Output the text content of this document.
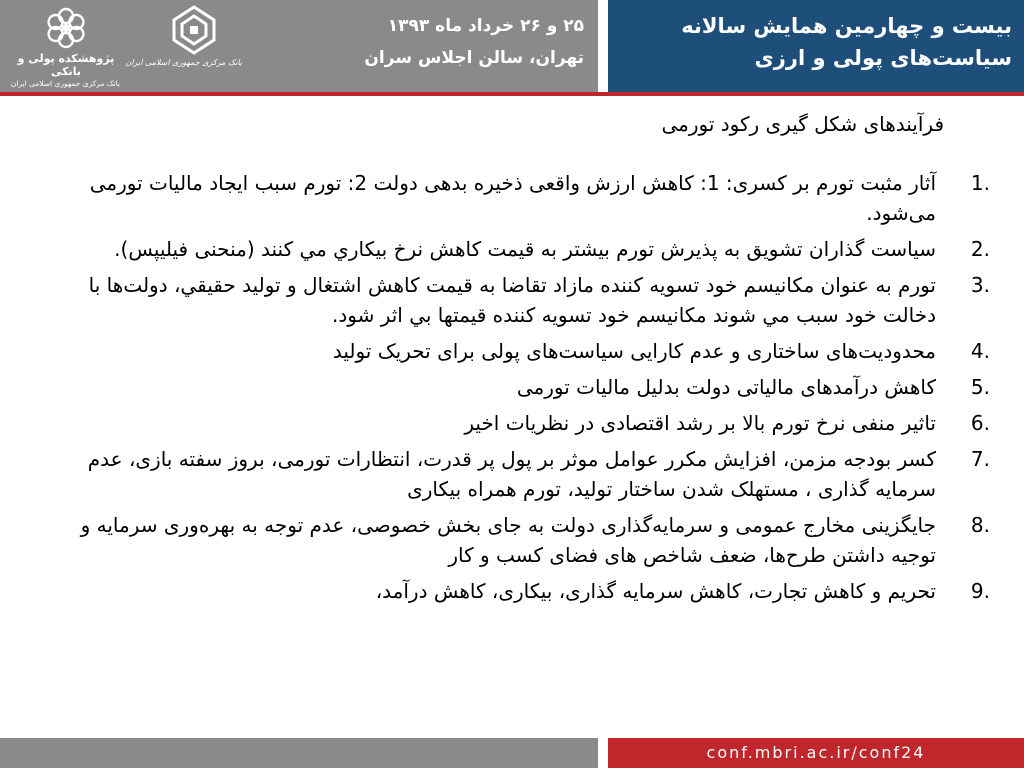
پژوهشکده پولی و بانکی
بانک مرکزی جمهوری اسلامی ایران
بانک مرکزی جمهوری اسلامی ایران
۲۵ و ۲۶ خرداد ماه ۱۳۹۳
تهران، سالن اجلاس سران
بیست و چهارمین همایش سالانه
سیاست‌های پولی و ارزی
فرآیندهای شکل گیری رکود تورمی
1.
آثار مثبت تورم بر کسری: 1: کاهش ارزش واقعی ذخیره بدهی دولت 2: تورم سبب ایجاد مالیات تورمی می‌شود.
2.
سیاست گذاران تشویق به پذیرش تورم بیشتر به قیمت کاهش نرخ بیکاري مي کنند (منحنی فیلیپس).
3.
تورم به عنوان مکانیسم خود تسویه کننده مازاد تقاضا به قیمت کاهش اشتغال و تولید حقیقي، دولت‌ها با دخالت خود سبب مي شوند مکانیسم خود تسویه کننده قیمتها بي اثر شود.
4.
محدودیت‌های ساختاری و عدم کارایی سیاست‌های پولی برای تحریک تولید
5.
کاهش درآمدهای مالیاتی دولت بدلیل مالیات تورمی
6.
تاثیر منفی نرخ تورم بالا بر رشد اقتصادی در نظریات اخیر
7.
کسر بودجه مزمن، افزایش مکرر عوامل موثر بر پول پر قدرت، انتظارات تورمی، بروز سفته بازی، عدم سرمایه گذاری ، مستهلک شدن ساختار تولید، تورم همراه بیکاری
8.
جایگزینی مخارج عمومی و سرمایه‌گذاری دولت به جای بخش خصوصی، عدم توجه به بهره‌وری سرمایه و توجیه داشتن طرح‌ها، ضعف شاخص های فضای کسب و کار
9.
تحریم و کاهش تجارت، کاهش سرمایه گذاری، بیکاری، کاهش درآمد،
conf.mbri.ac.ir/conf24
